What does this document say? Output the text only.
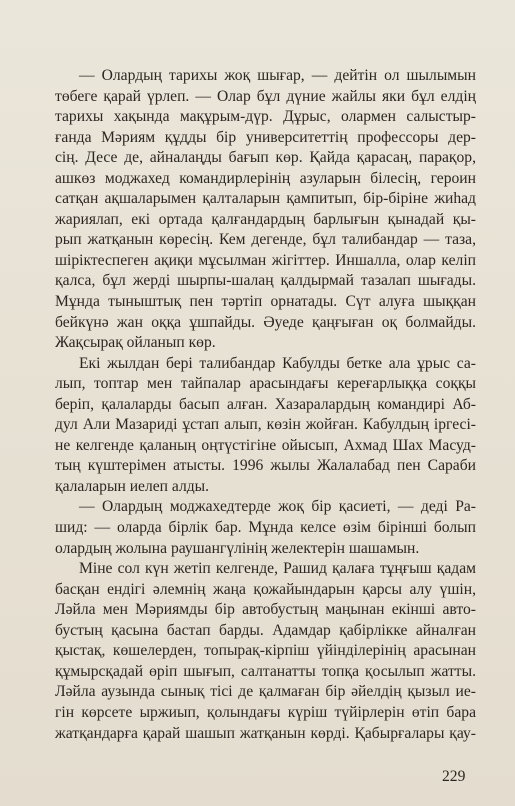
— Олардың тарихы жоқ шығар, — дейтін ол шылымын
төбеге қарай үрлеп. — Олар бұл дүние жайлы яки бұл елдің
тарихы хақында мақұрым-дүр. Дұрыс, олармен салыстыр-
ғанда Мәриям құдды бір университеттің профессоры дер-
сің. Десе де, айналаңды бағып көр. Қайда қарасаң, парақор,
ашкөз моджахед командирлерінің азуларын білесің, героин
сатқан ақшаларымен қалталарын қампитып, бір-біріне жиһад
жариялап, екі ортада қалғандардың барлығын қынадай қы-
рып жатқанын көресің. Кем дегенде, бұл талибандар — таза,
шіріктеспеген ақиқи мұсылман жігіттер. Иншалла, олар келіп
қалса, бұл жерді шырпы-шалаң қалдырмай тазалап шығады.
Мұнда тыныштық пен тәртіп орнатады. Сүт алуға шыққан
бейкүнә жан оққа ұшпайды. Әуеде қаңғыған оқ болмайды.
Жақсырақ ойланып көр.
Екі жылдан бері талибандар Кабулды бетке ала ұрыс са-
лып, топтар мен тайпалар арасындағы кереғарлыққа соққы
беріп, қалаларды басып алған. Хазаралардың командирі Аб-
дул Али Мазариді ұстап алып, көзін жойған. Кабулдың іргесі-
не келгенде қаланың оңтүстігіне ойысып, Ахмад Шах Масуд-
тың күштерімен атысты. 1996 жылы Жалалабад пен Сараби
қалаларын иелеп алды.
— Олардың моджахедтерде жоқ бір қасиеті, — деді Ра-
шид: — оларда бірлік бар. Мұнда келсе өзім біріншi болып
олардың жолына раушангүлінің желектерін шашамын.
Міне сол күн жетіп келгенде, Рашид қалаға тұңғыш қадам
басқан ендігі әлемнің жаңа қожайындарын қарсы алу үшін,
Ләйла мен Мәриямды бір автобустың маңынан екінші авто-
бустың қасына бастап барды. Адамдар қабірлікке айналған
қыстақ, көшелерден, топырақ-кірпіш үйінділерінің арасынан
құмырсқадай өріп шығып, салтанатты топқа қосылып жатты.
Ләйла аузында сынық тісі де қалмаған бір әйелдің қызыл ие-
гін көрсете ыржиып, қолындағы күріш түйірлерін өтіп бара
жатқандарға қарай шашып жатқанын көрді. Қабырғалары қау-
229
